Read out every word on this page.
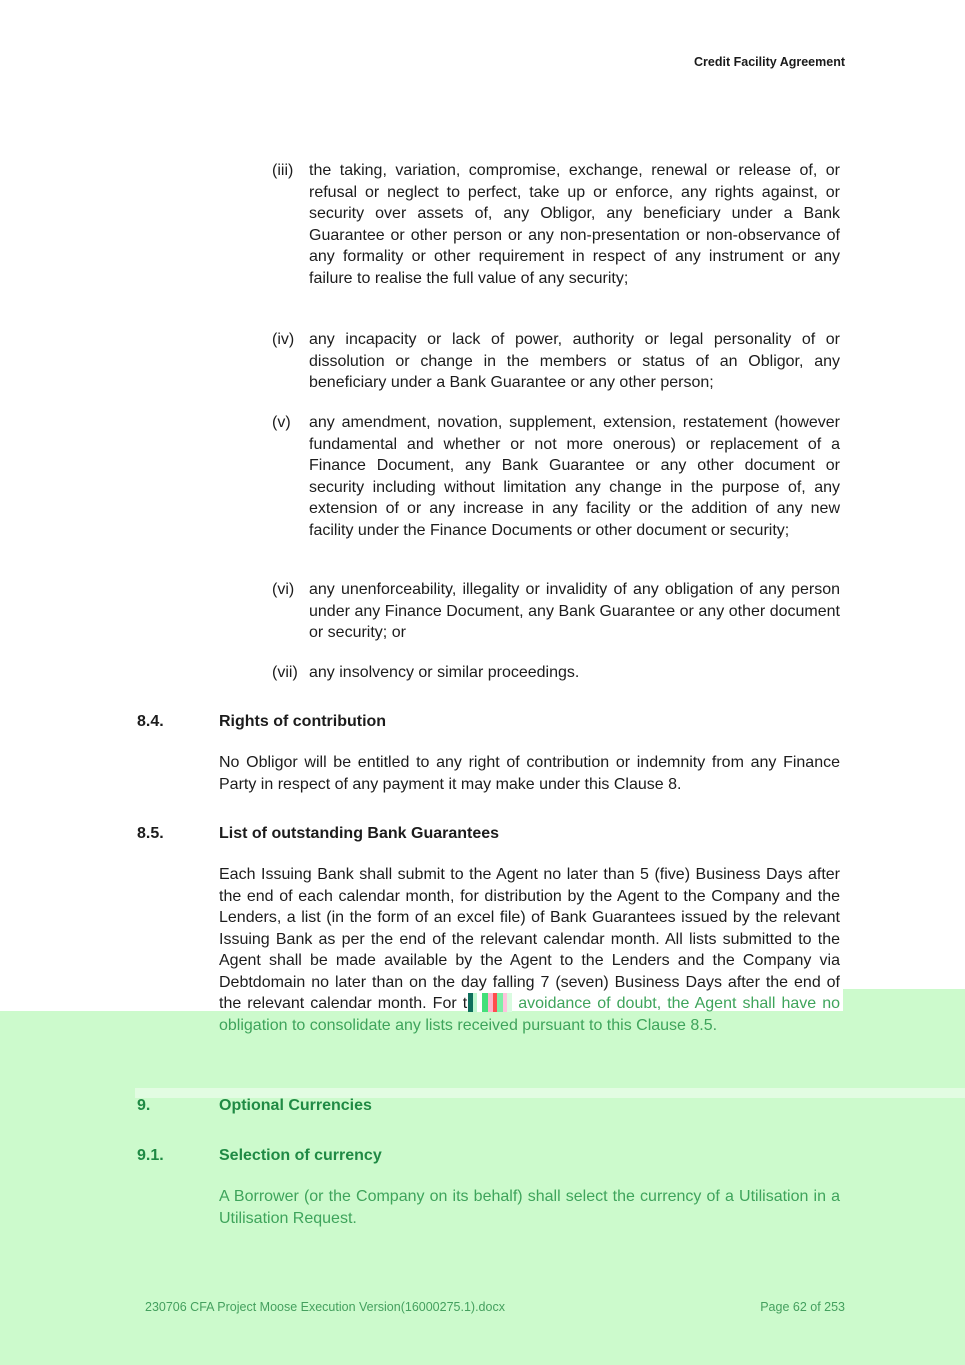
Credit Facility Agreement
(iii) the taking, variation, compromise, exchange, renewal or release of, or refusal or neglect to perfect, take up or enforce, any rights against, or security over assets of, any Obligor, any beneficiary under a Bank Guarantee or other person or any non-presentation or non-observance of any formality or other requirement in respect of any instrument or any failure to realise the full value of any security;
(iv) any incapacity or lack of power, authority or legal personality of or dissolution or change in the members or status of an Obligor, any beneficiary under a Bank Guarantee or any other person;
(v)	any amendment, novation, supplement, extension, restatement (however fundamental and whether or not more onerous) or replacement of a Finance Document, any Bank Guarantee or any other document or security including without limitation any change in the purpose of, any extension of or any increase in any facility or the addition of any new facility under the Finance Documents or other document or security;
(vi) any unenforceability, illegality or invalidity of any obligation of any person under any Finance Document, any Bank Guarantee or any other document or security; or
(vii) any insolvency or similar proceedings.
8.4.	Rights of contribution
No Obligor will be entitled to any right of contribution or indemnity from any Finance Party in respect of any payment it may make under this Clause 8.
8.5.	List of outstanding Bank Guarantees
Each Issuing Bank shall submit to the Agent no later than 5 (five) Business Days after the end of each calendar month, for distribution by the Agent to the Company and the Lenders, a list (in the form of an excel file) of Bank Guarantees issued by the relevant Issuing Bank as per the end of the relevant calendar month. All lists submitted to the Agent shall be made available by the Agent to the Lenders and the Company via Debtdomain no later than on the day falling 7 (seven) Business Days after the end of the relevant calendar month. For t	avoidance of doubt, the Agent shall have no obligation to consolidate any lists received pursuant to this Clause 8.5.
9.	Optional Currencies
9.1.	Selection of currency
A Borrower (or the Company on its behalf) shall select the currency of a Utilisation in a Utilisation Request.
230706 CFA Project Moose Execution Version(16000275.1).docx	Page 62 of 253
